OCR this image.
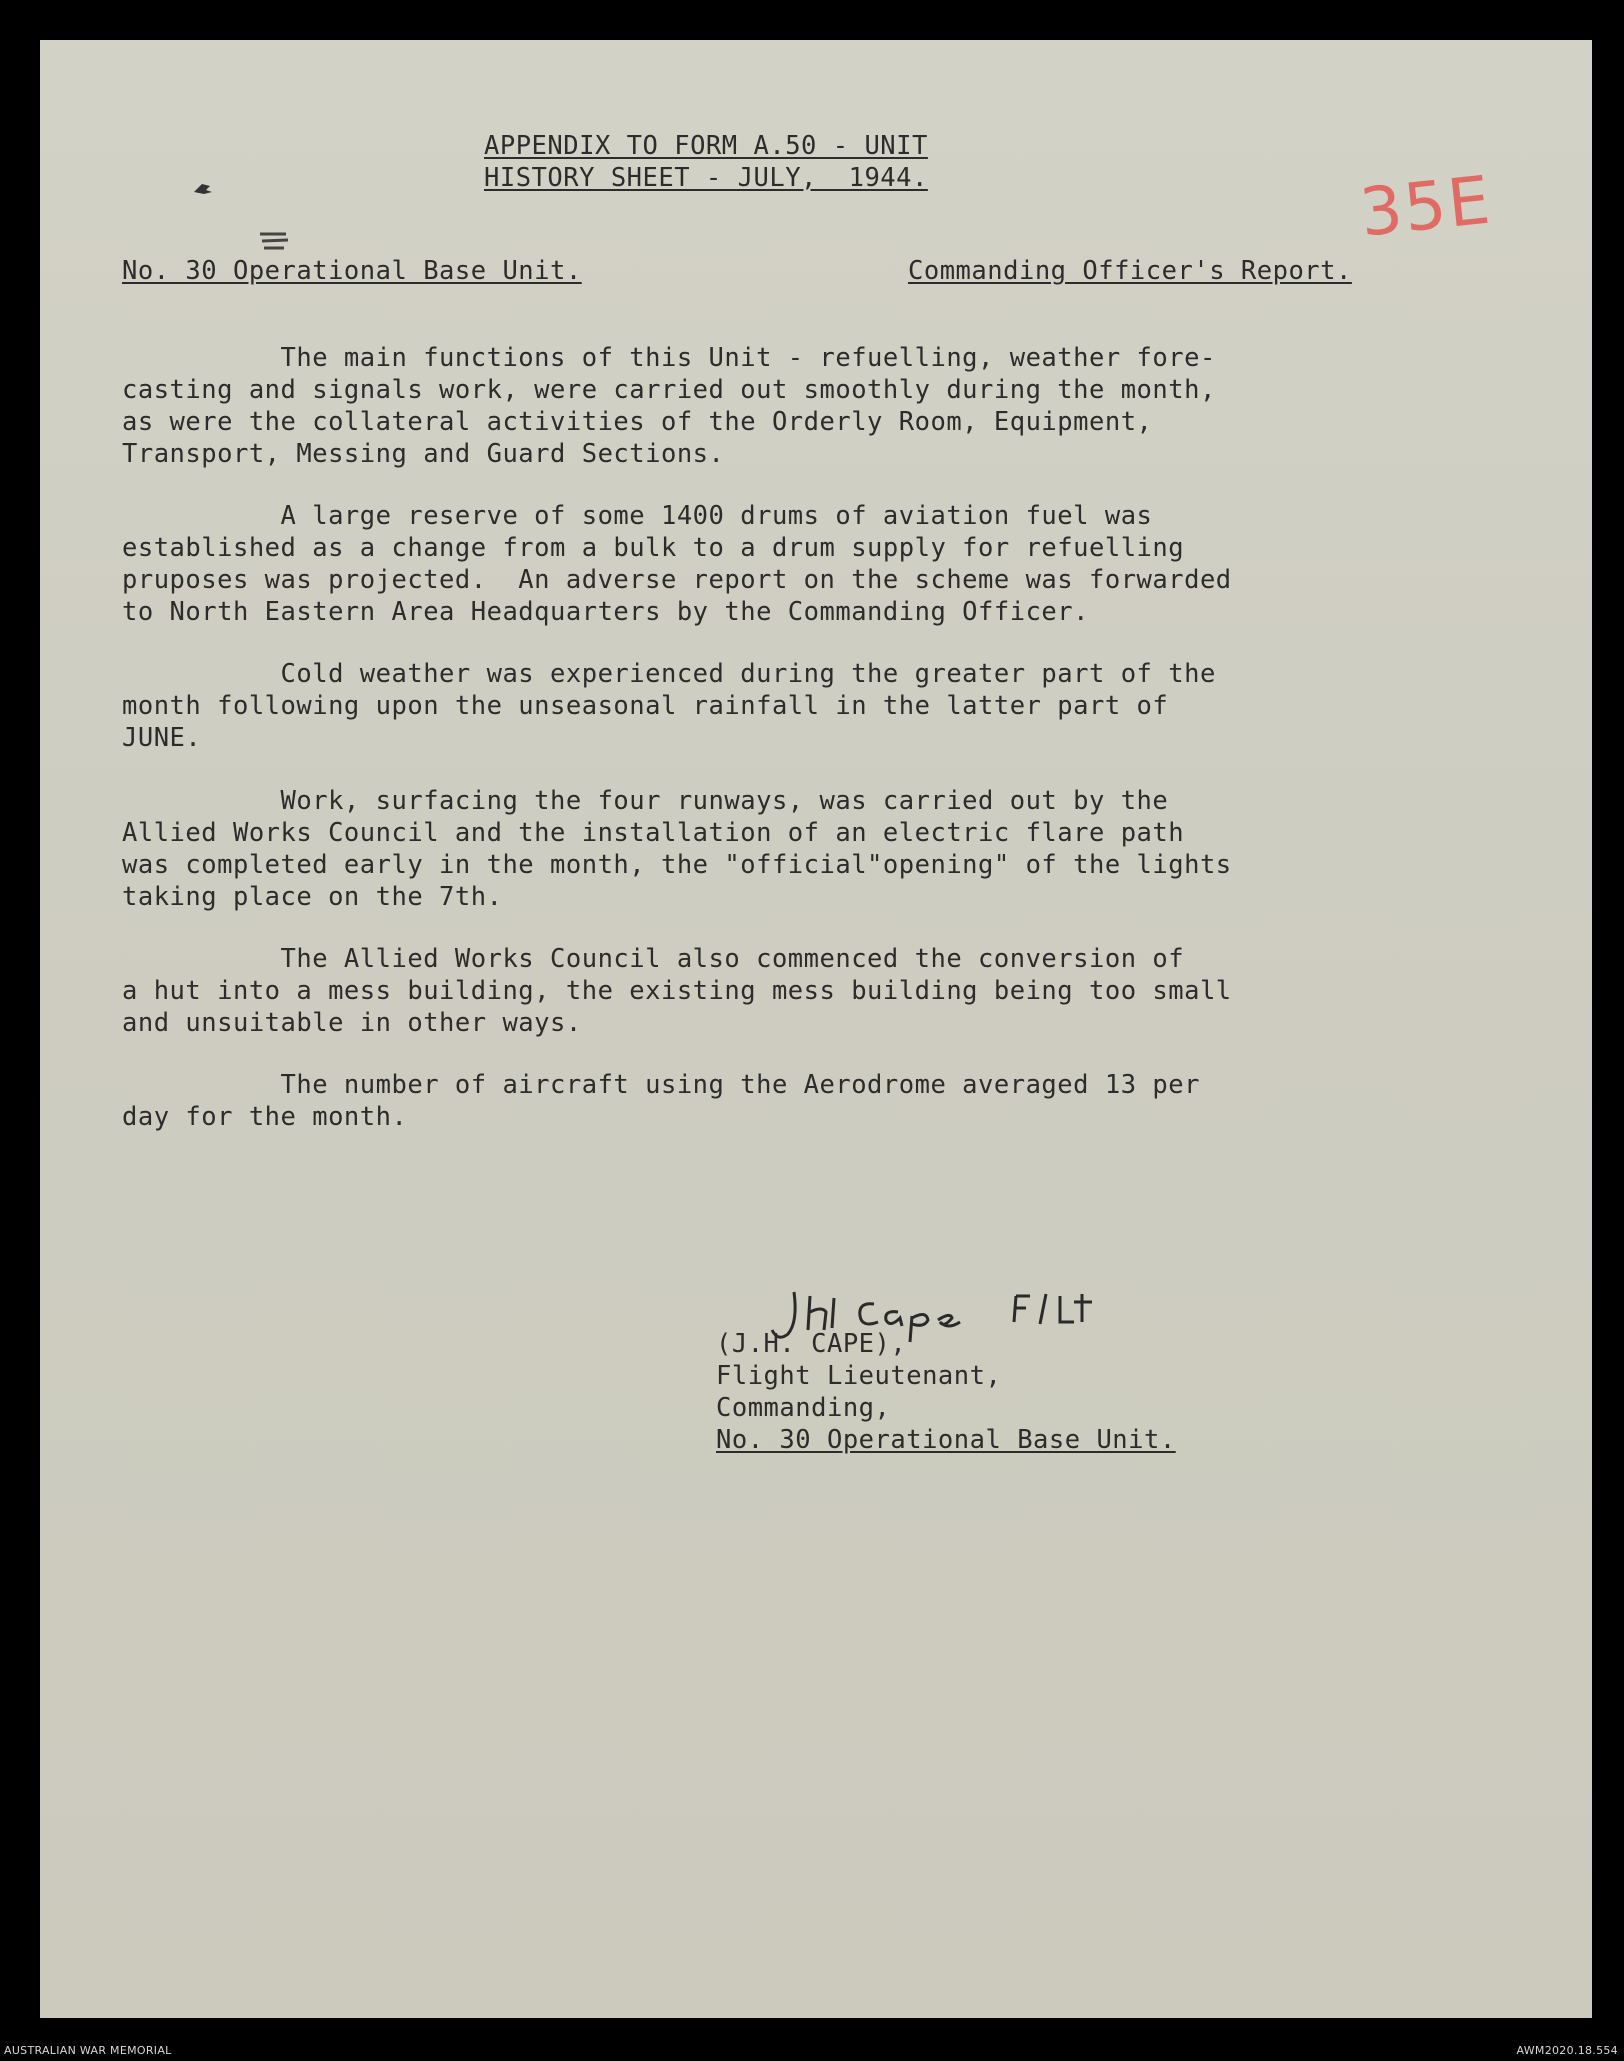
APPENDIX TO FORM A.50 - UNIT
HISTORY SHEET - JULY,  1944.	35E
No. 30 Operational Base Unit.	Commanding Officer's Report.

The main functions of this Unit - refuelling, weather fore-
casting and signals work, were carried out smoothly during the month,
as were the collateral activities of the Orderly Room, Equipment,
Transport, Messing and Guard Sections.

A large reserve of some 1400 drums of aviation fuel was
established as a change from a bulk to a drum supply for refuelling
pruposes was projected.  An adverse report on the scheme was forwarded
to North Eastern Area Headquarters by the Commanding Officer.

Cold weather was experienced during the greater part of the
month following upon the unseasonal rainfall in the latter part of
JUNE.

Work, surfacing the four runways, was carried out by the
Allied Works Council and the installation of an electric flare path
was completed early in the month, the "official"opening" of the lights
taking place on the 7th.

The Allied Works Council also commenced the conversion of
a hut into a mess building, the existing mess building being too small
and unsuitable in other ways.

The number of aircraft using the Aerodrome averaged 13 per
day for the month.

(J.H. CAPE),
Flight Lieutenant,
Commanding,
No. 30 Operational Base Unit.
AUSTRALIAN WAR MEMORIAL	AWM2020.18.554
